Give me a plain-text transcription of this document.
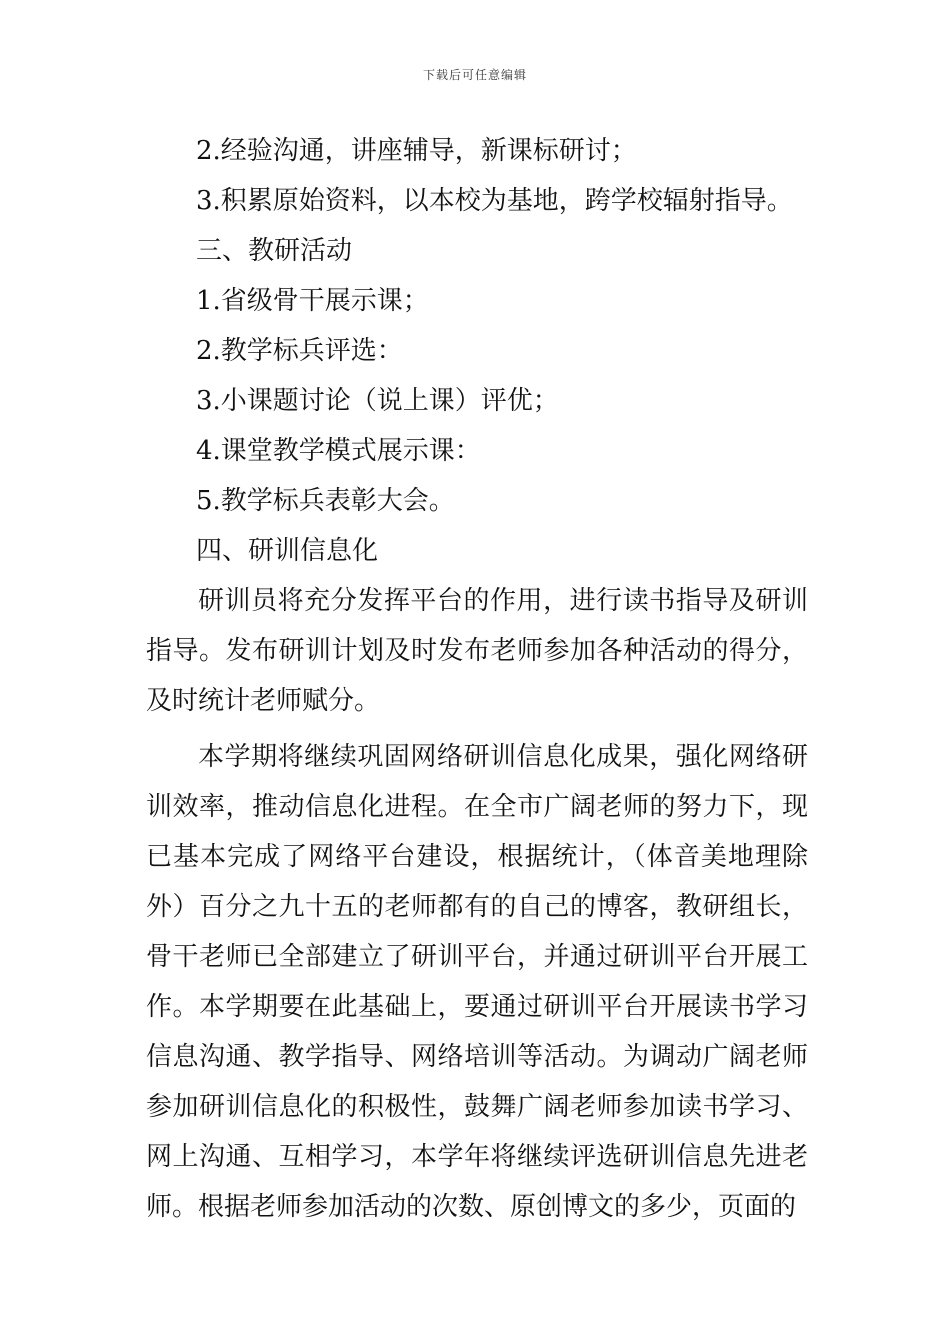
下载后可任意编辑

2.经验沟通，讲座辅导，新课标研讨；

3.积累原始资料，以本校为基地，跨学校辐射指导。

三、教研活动

1.省级骨干展示课；

2.教学标兵评选：

3.小课题讨论（说上课）评优；

4.课堂教学模式展示课：

5.教学标兵表彰大会。

四、研训信息化

研训员将充分发挥平台的作用，进行读书指导及研训指导。发布研训计划及时发布老师参加各种活动的得分，及时统计老师赋分。

本学期将继续巩固网络研训信息化成果，强化网络研训效率，推动信息化进程。在全市广阔老师的努力下，现已基本完成了网络平台建设，根据统计，（体音美地理除外）百分之九十五的老师都有的自己的博客，教研组长，骨干老师已全部建立了研训平台，并通过研训平台开展工作。本学期要在此基础上，要通过研训平台开展读书学习信息沟通、教学指导、网络培训等活动。为调动广阔老师参加研训信息化的积极性，鼓舞广阔老师参加读书学习、网上沟通、互相学习，本学年将继续评选研训信息先进老师。根据老师参加活动的次数、原创博文的多少，页面的
